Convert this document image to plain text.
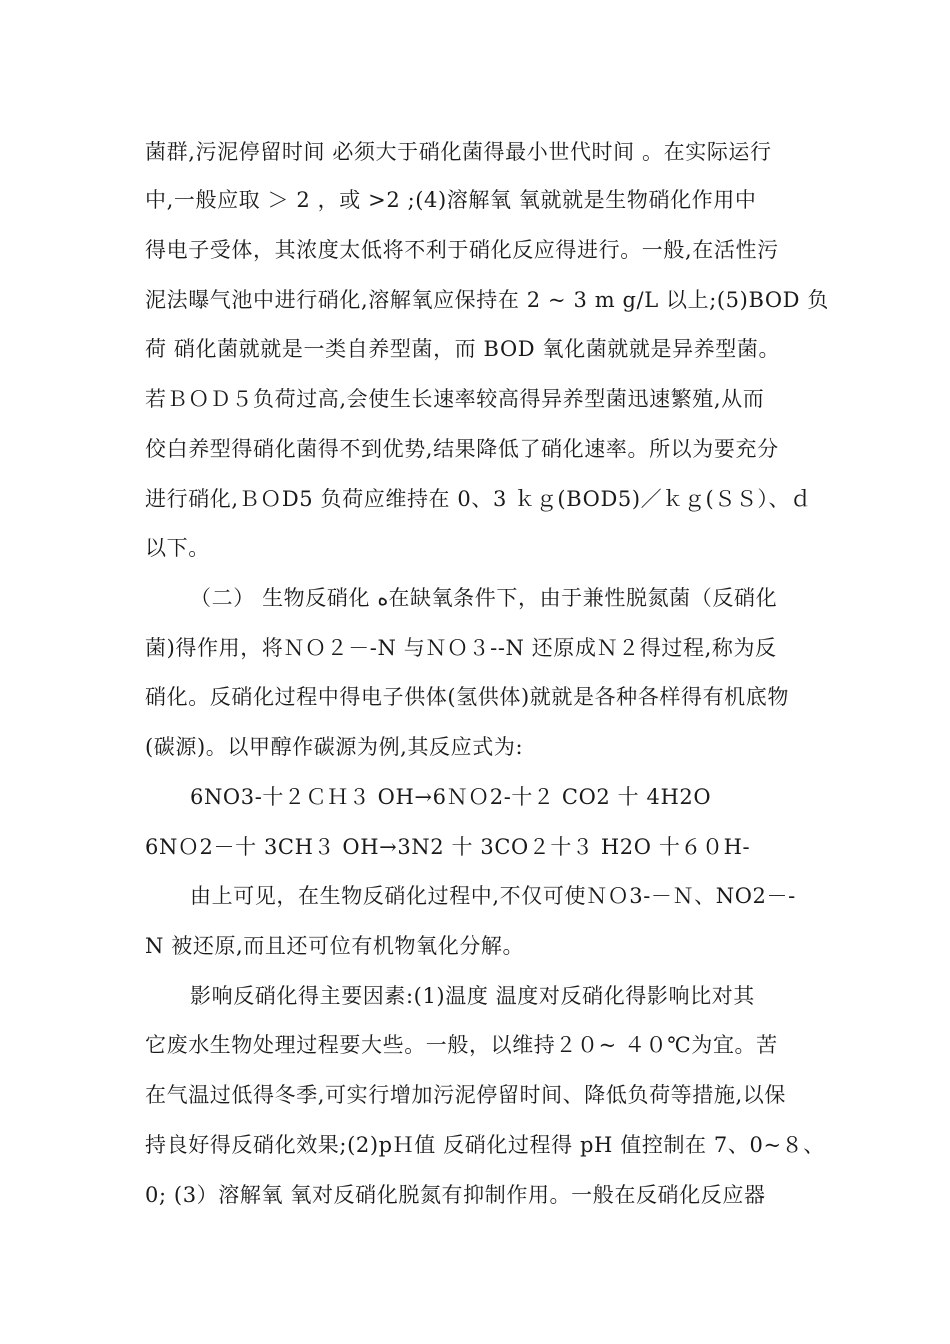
菌群,污泥停留时间 必须大于硝化菌得最小世代时间 。在实际运行
中,一般应取 ＞ 2 ，或 >2 ;(4)溶解氧 氧就就是生物硝化作用中
得电子受体，其浓度太低将不利于硝化反应得进行。一般,在活性污
泥法曝气池中进行硝化,溶解氧应保持在 2 ~ 3 m g/L 以上;(5)BOD 负
荷 硝化菌就就是一类自养型菌，而 BOD 氧化菌就就是异养型菌。
若ＢＯＤ５负荷过高,会使生长速率较高得异养型菌迅速繁殖,从而
佼白养型得硝化菌得不到优势,结果降低了硝化速率。所以为要充分
进行硝化,ＢＯD5 负荷应维持在 0、3 ｋｇ(BOD5)／ｋｇ(ＳＳ）、ｄ
以下。
（二） 生物反硝化 ﻩ在缺氧条件下，由于兼性脱氮菌（反硝化
菌)得作用，将ＮＯ２－-N 与ＮＯ３--N 还原成Ｎ２得过程,称为反
硝化。反硝化过程中得电子供体(氢供体)就就是各种各样得有机底物
(碳源)。以甲醇作碳源为例,其反应式为:
6NO3-十２ＣＨ３ OH→6ＮＯ2-十２ CO2 十 4H2O
6NＯ2－十 3CH３ OH→3N2 十 3CO２十３ H2O 十６０H-
由上可见，在生物反硝化过程中,不仅可使ＮＯ3-－Ｎ、NO2－-
N 被还原,而且还可位有机物氧化分解。
影响反硝化得主要因素:(1)温度 温度对反硝化得影响比对其
它废水生物处理过程要大些。一般，以维持２０~ ４０℃为宜。苦
在气温过低得冬季,可实行增加污泥停留时间、降低负荷等措施,以保
持良好得反硝化效果;(2)pＨ值 反硝化过程得 pH 值控制在 7、0~８、
0; (3）溶解氧 氧对反硝化脱氮有抑制作用。一般在反硝化反应器
